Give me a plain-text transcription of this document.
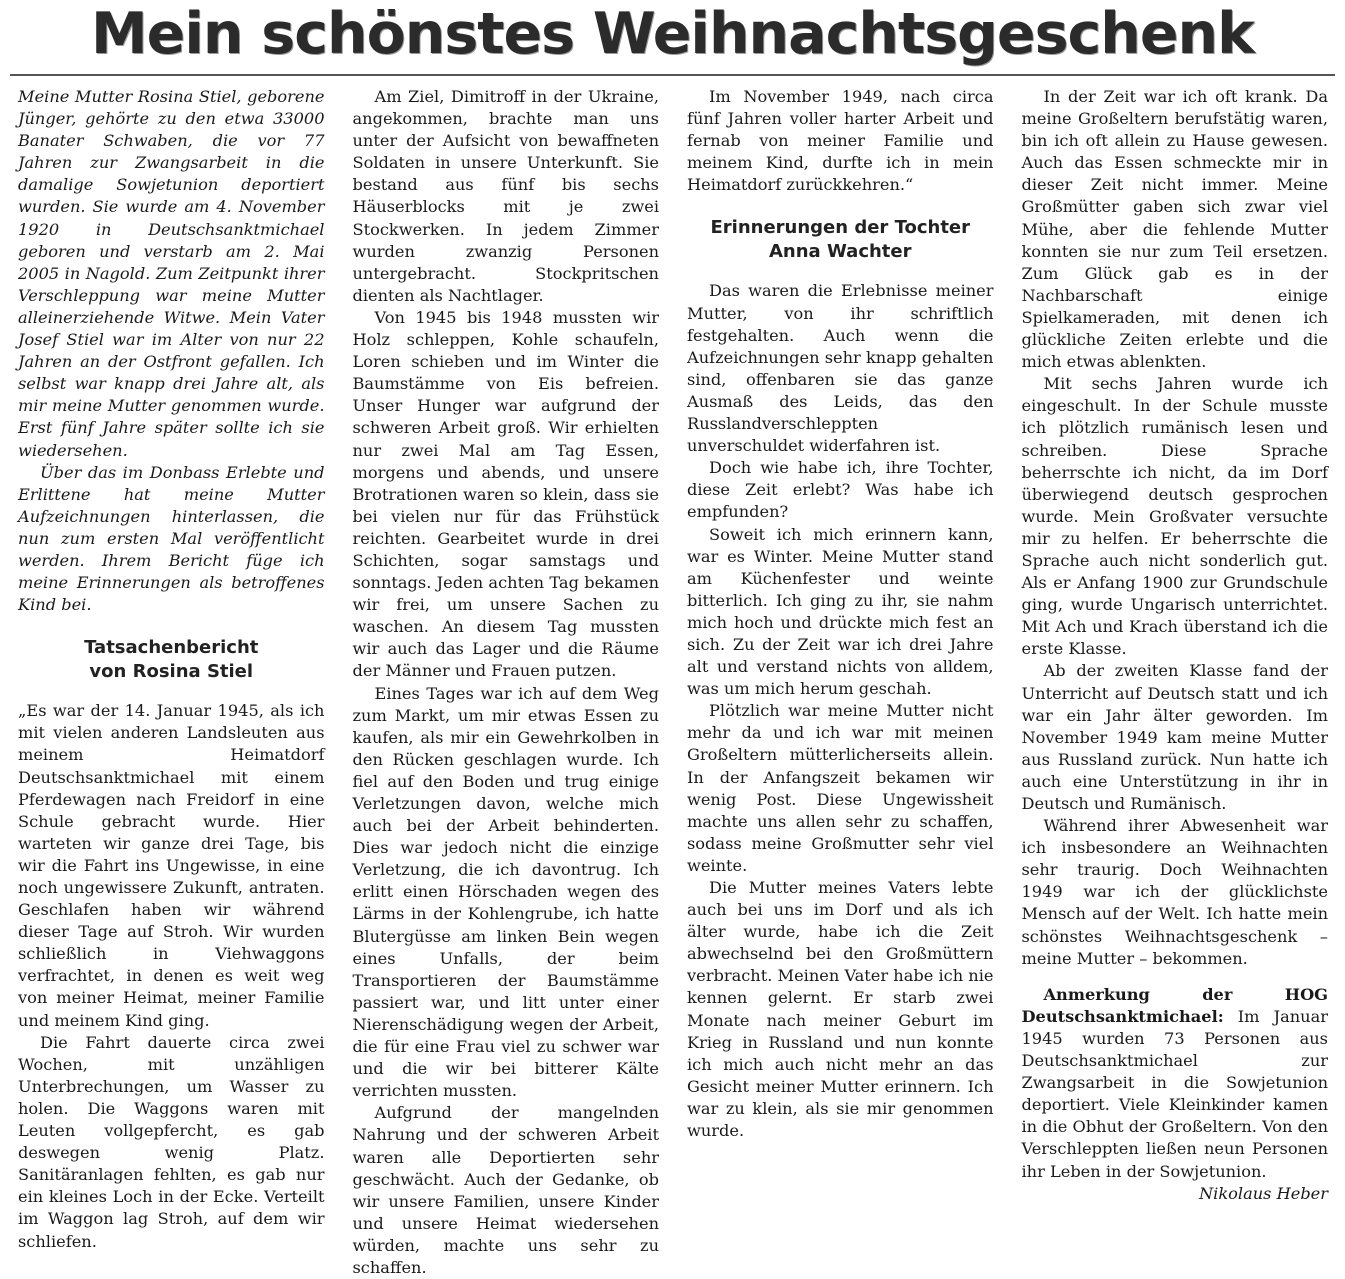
Mein schönstes Weihnachtsgeschenk

Meine Mutter Rosina Stiel, geborene Jünger, gehörte zu den etwa 33000 Banater Schwaben, die vor 77 Jahren zur Zwangsarbeit in die damalige Sowjetunion deportiert wurden. Sie wurde am 4. November 1920 in Deutschsanktmichael geboren und verstarb am 2. Mai 2005 in Nagold. Zum Zeitpunkt ihrer Verschleppung war meine Mutter alleinerziehende Witwe. Mein Vater Josef Stiel war im Alter von nur 22 Jahren an der Ostfront gefallen. Ich selbst war knapp drei Jahre alt, als mir meine Mutter genommen wurde. Erst fünf Jahre später sollte ich sie wiedersehen.

Über das im Donbass Erlebte und Erlittene hat meine Mutter Aufzeichnungen hinterlassen, die nun zum ersten Mal veröffentlicht werden. Ihrem Bericht füge ich meine Erinnerungen als betroffenes Kind bei.

Tatsachenbericht
von Rosina Stiel

„Es war der 14. Januar 1945, als ich mit vielen anderen Landsleuten aus meinem Heimatdorf Deutschsanktmichael mit einem Pferdewagen nach Freidorf in eine Schule gebracht wurde. Hier warteten wir ganze drei Tage, bis wir die Fahrt ins Ungewisse, in eine noch ungewissere Zukunft, antraten. Geschlafen haben wir während dieser Tage auf Stroh. Wir wurden schließlich in Viehwaggons verfrachtet, in denen es weit weg von meiner Heimat, meiner Familie und meinem Kind ging.

Die Fahrt dauerte circa zwei Wochen, mit unzähligen Unterbrechungen, um Wasser zu holen. Die Waggons waren mit Leuten vollgepfercht, es gab deswegen wenig Platz. Sanitäranlagen fehlten, es gab nur ein kleines Loch in der Ecke. Verteilt im Waggon lag Stroh, auf dem wir schliefen.

Am Ziel, Dimitroff in der Ukraine, angekommen, brachte man uns unter der Aufsicht von bewaffneten Soldaten in unsere Unterkunft. Sie bestand aus fünf bis sechs Häuserblocks mit je zwei Stockwerken. In jedem Zimmer wurden zwanzig Personen untergebracht. Stockpritschen dienten als Nachtlager.

Von 1945 bis 1948 mussten wir Holz schleppen, Kohle schaufeln, Loren schieben und im Winter die Baumstämme von Eis befreien. Unser Hunger war aufgrund der schweren Arbeit groß. Wir erhielten nur zwei Mal am Tag Essen, morgens und abends, und unsere Brotrationen waren so klein, dass sie bei vielen nur für das Frühstück reichten. Gearbeitet wurde in drei Schichten, sogar samstags und sonntags. Jeden achten Tag bekamen wir frei, um unsere Sachen zu waschen. An diesem Tag mussten wir auch das Lager und die Räume der Männer und Frauen putzen.

Eines Tages war ich auf dem Weg zum Markt, um mir etwas Essen zu kaufen, als mir ein Gewehrkolben in den Rücken geschlagen wurde. Ich fiel auf den Boden und trug einige Verletzungen davon, welche mich auch bei der Arbeit behinderten. Dies war jedoch nicht die einzige Verletzung, die ich davontrug. Ich erlitt einen Hörschaden wegen des Lärms in der Kohlengrube, ich hatte Blutergüsse am linken Bein wegen eines Unfalls, der beim Transportieren der Baumstämme passiert war, und litt unter einer Nierenschädigung wegen der Arbeit, die für eine Frau viel zu schwer war und die wir bei bitterer Kälte verrichten mussten.

Aufgrund der mangelnden Nahrung und der schweren Arbeit waren alle Deportierten sehr geschwächt. Auch der Gedanke, ob wir unsere Familien, unsere Kinder und unsere Heimat wiedersehen würden, machte uns sehr zu schaffen.

Im November 1949, nach circa fünf Jahren voller harter Arbeit und fernab von meiner Familie und meinem Kind, durfte ich in mein Heimatdorf zurückkehren.“

Erinnerungen der Tochter
Anna Wachter

Das waren die Erlebnisse meiner Mutter, von ihr schriftlich festgehalten. Auch wenn die Aufzeichnungen sehr knapp gehalten sind, offenbaren sie das ganze Ausmaß des Leids, das den Russlandverschleppten unverschuldet widerfahren ist.

Doch wie habe ich, ihre Tochter, diese Zeit erlebt? Was habe ich empfunden?

Soweit ich mich erinnern kann, war es Winter. Meine Mutter stand am Küchenfester und weinte bitterlich. Ich ging zu ihr, sie nahm mich hoch und drückte mich fest an sich. Zu der Zeit war ich drei Jahre alt und verstand nichts von alldem, was um mich herum geschah.

Plötzlich war meine Mutter nicht mehr da und ich war mit meinen Großeltern mütterlicherseits allein. In der Anfangszeit bekamen wir wenig Post. Diese Ungewissheit machte uns allen sehr zu schaffen, sodass meine Großmutter sehr viel weinte.

Die Mutter meines Vaters lebte auch bei uns im Dorf und als ich älter wurde, habe ich die Zeit abwechselnd bei den Großmüttern verbracht. Meinen Vater habe ich nie kennen gelernt. Er starb zwei Monate nach meiner Geburt im Krieg in Russland und nun konnte ich mich auch nicht mehr an das Gesicht meiner Mutter erinnern. Ich war zu klein, als sie mir genommen wurde.

In der Zeit war ich oft krank. Da meine Großeltern berufstätig waren, bin ich oft allein zu Hause gewesen. Auch das Essen schmeckte mir in dieser Zeit nicht immer. Meine Großmütter gaben sich zwar viel Mühe, aber die fehlende Mutter konnten sie nur zum Teil ersetzen. Zum Glück gab es in der Nachbarschaft einige Spielkameraden, mit denen ich glückliche Zeiten erlebte und die mich etwas ablenkten.

Mit sechs Jahren wurde ich eingeschult. In der Schule musste ich plötzlich rumänisch lesen und schreiben. Diese Sprache beherrschte ich nicht, da im Dorf überwiegend deutsch gesprochen wurde. Mein Großvater versuchte mir zu helfen. Er beherrschte die Sprache auch nicht sonderlich gut. Als er Anfang 1900 zur Grundschule ging, wurde Ungarisch unterrichtet. Mit Ach und Krach überstand ich die erste Klasse.

Ab der zweiten Klasse fand der Unterricht auf Deutsch statt und ich war ein Jahr älter geworden. Im November 1949 kam meine Mutter aus Russland zurück. Nun hatte ich auch eine Unterstützung in ihr in Deutsch und Rumänisch.

Während ihrer Abwesenheit war ich insbesondere an Weihnachten sehr traurig. Doch Weihnachten 1949 war ich der glücklichste Mensch auf der Welt. Ich hatte mein schönstes Weihnachtsgeschenk – meine Mutter – bekommen.

Anmerkung der HOG Deutschsanktmichael: Im Januar 1945 wurden 73 Personen aus Deutschsanktmichael zur Zwangsarbeit in die Sowjetunion deportiert. Viele Kleinkinder kamen in die Obhut der Großeltern. Von den Verschleppten ließen neun Personen ihr Leben in der Sowjetunion.
Nikolaus Heber
